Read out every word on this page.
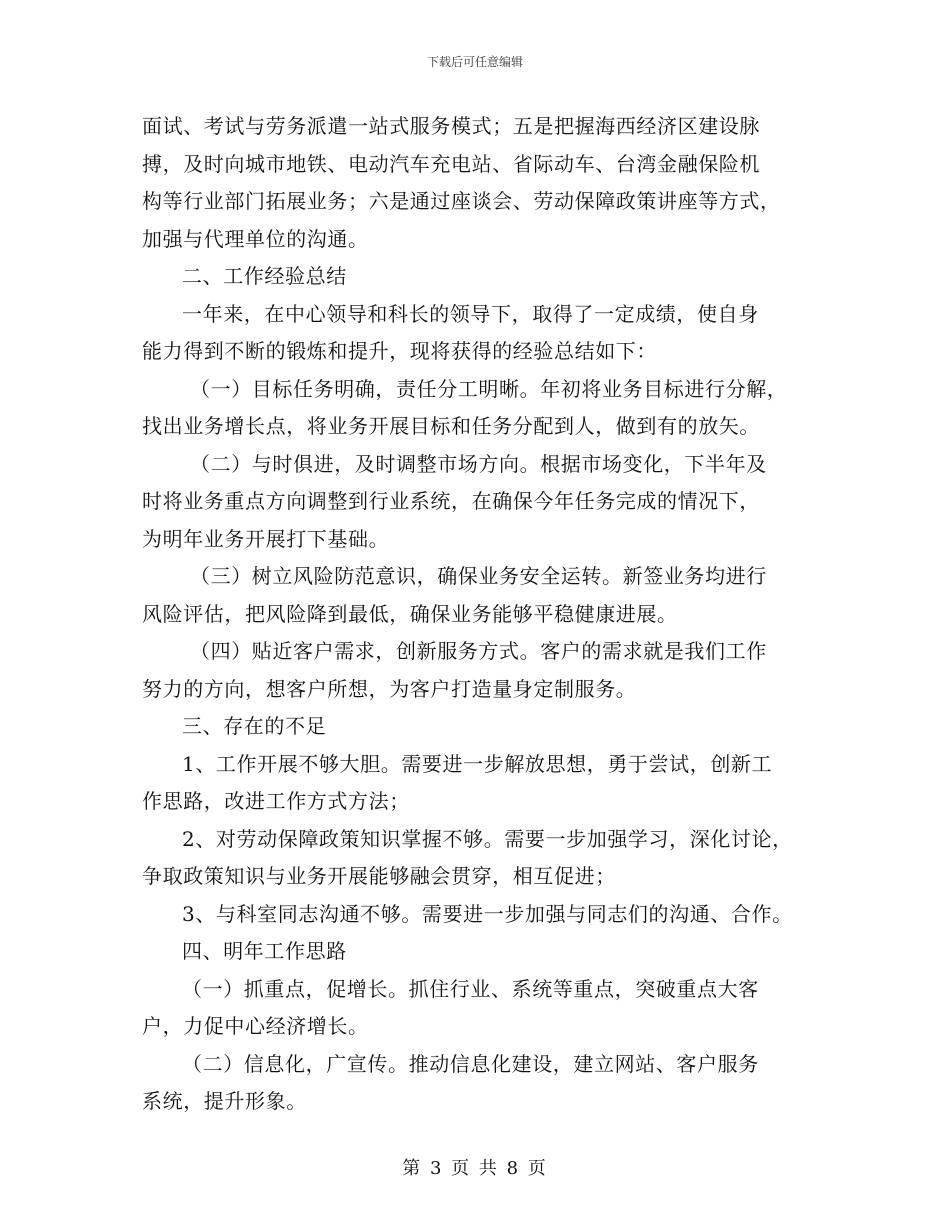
下载后可任意编辑
面试、考试与劳务派遣一站式服务模式；五是把握海西经济区建设脉
搏，及时向城市地铁、电动汽车充电站、省际动车、台湾金融保险机
构等行业部门拓展业务；六是通过座谈会、劳动保障政策讲座等方式，
加强与代理单位的沟通。
二、工作经验总结
一年来，在中心领导和科长的领导下，取得了一定成绩，使自身
能力得到不断的锻炼和提升，现将获得的经验总结如下：
（一）目标任务明确，责任分工明晰。年初将业务目标进行分解，
找出业务增长点，将业务开展目标和任务分配到人，做到有的放矢。
（二）与时俱进，及时调整市场方向。根据市场变化，下半年及
时将业务重点方向调整到行业系统，在确保今年任务完成的情况下，
为明年业务开展打下基础。
（三）树立风险防范意识，确保业务安全运转。新签业务均进行
风险评估，把风险降到最低，确保业务能够平稳健康进展。
（四）贴近客户需求，创新服务方式。客户的需求就是我们工作
努力的方向，想客户所想，为客户打造量身定制服务。
三、存在的不足
1、工作开展不够大胆。需要进一步解放思想，勇于尝试，创新工
作思路，改进工作方式方法；
2、对劳动保障政策知识掌握不够。需要一步加强学习，深化讨论，
争取政策知识与业务开展能够融会贯穿，相互促进；
3、与科室同志沟通不够。需要进一步加强与同志们的沟通、合作。
四、明年工作思路
（一）抓重点，促增长。抓住行业、系统等重点，突破重点大客
户，力促中心经济增长。
（二）信息化，广宣传。推动信息化建设，建立网站、客户服务
系统，提升形象。
第 3 页 共 8 页
